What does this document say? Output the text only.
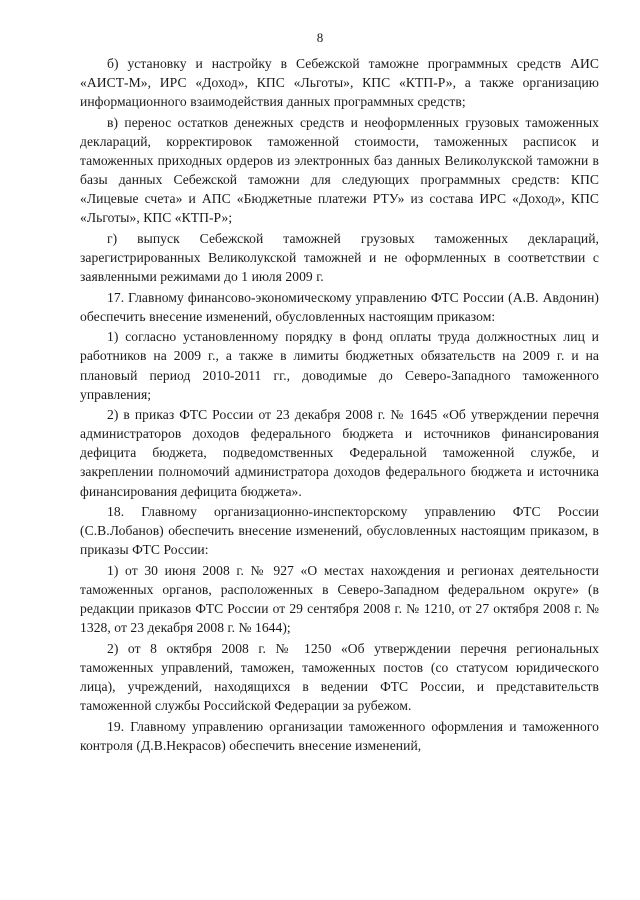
8

б) установку и настройку в Себежской таможне программных средств АИС «АИСТ-М», ИРС «Доход», КПС «Льготы», КПС «КТП-Р», а также организацию информационного взаимодействия данных программных средств;

в) перенос остатков денежных средств и неоформленных грузовых таможенных деклараций, корректировок таможенной стоимости, таможенных расписок и таможенных приходных ордеров из электронных баз данных Великолукской таможни в базы данных Себежской таможни для следующих программных средств: КПС «Лицевые счета» и АПС «Бюджетные платежи РТУ» из состава ИРС «Доход», КПС «Льготы», КПС «КТП-Р»;

г) выпуск Себежской таможней грузовых таможенных деклараций, зарегистрированных Великолукской таможней и не оформленных в соответствии с заявленными режимами до 1 июля 2009 г.

17. Главному финансово-экономическому управлению ФТС России (А.В. Авдонин) обеспечить внесение изменений, обусловленных настоящим приказом:

1) согласно установленному порядку в фонд оплаты труда должностных лиц и работников на 2009 г., а также в лимиты бюджетных обязательств на 2009 г. и на плановый период 2010-2011 гг., доводимые до Северо-Западного таможенного управления;

2) в приказ ФТС России от 23 декабря 2008 г. № 1645 «Об утверждении перечня администраторов доходов федерального бюджета и источников финансирования дефицита бюджета, подведомственных Федеральной таможенной службе, и закреплении полномочий администратора доходов федерального бюджета и источника финансирования дефицита бюджета».

18. Главному организационно-инспекторскому управлению ФТС России (С.В.Лобанов) обеспечить внесение изменений, обусловленных настоящим приказом, в приказы ФТС России:

1) от 30 июня 2008 г. № 927 «О местах нахождения и регионах деятельности таможенных органов, расположенных в Северо-Западном федеральном округе» (в редакции приказов ФТС России от 29 сентября 2008 г. № 1210, от 27 октября 2008 г. № 1328, от 23 декабря 2008 г. № 1644);

2) от 8 октября 2008 г. № 1250 «Об утверждении перечня региональных таможенных управлений, таможен, таможенных постов (со статусом юридического лица), учреждений, находящихся в ведении ФТС России, и представительств таможенной службы Российской Федерации за рубежом.

19. Главному управлению организации таможенного оформления и таможенного контроля (Д.В.Некрасов) обеспечить внесение изменений,
